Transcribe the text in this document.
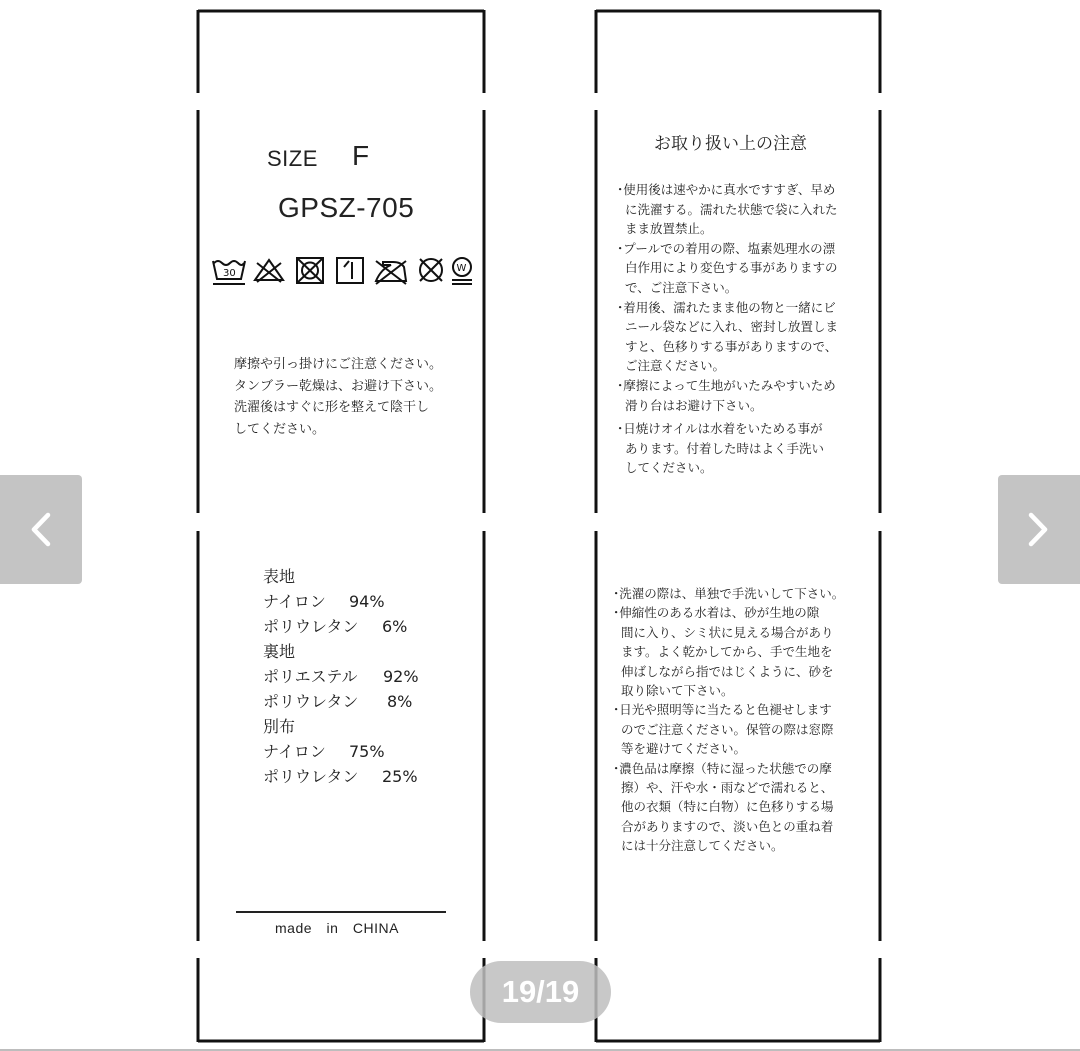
SIZE F
GPSZ-705
30	W
摩擦や引っ掛けにご注意ください。
タンブラー乾燥は、お避け下さい。
洗濯後はすぐに形を整えて陰干し
してください。
表地
ナイロン 94%
ポリウレタン 6%
裏地
ポリエステル 92%
ポリウレタン 8%
別布
ナイロン 75%
ポリウレタン 25%
made　in　CHINA
お取り扱い上の注意
･使用後は速やかに真水ですすぎ、早め
に洗濯する。濡れた状態で袋に入れた
まま放置禁止。
･プールでの着用の際、塩素処理水の漂
白作用により変色する事がありますの
で、ご注意下さい。
･着用後、濡れたまま他の物と一緒にビ
ニール袋などに入れ、密封し放置しま
すと、色移りする事がありますので、
ご注意ください。
･摩擦によって生地がいたみやすいため
滑り台はお避け下さい。
･日焼けオイルは水着をいためる事が
あります。付着した時はよく手洗い
してください。
･洗濯の際は、単独で手洗いして下さい。
･伸縮性のある水着は、砂が生地の隙
間に入り、シミ状に見える場合があり
ます。よく乾かしてから、手で生地を
伸ばしながら指ではじくように、砂を
取り除いて下さい。
･日光や照明等に当たると色褪せします
のでご注意ください。保管の際は窓際
等を避けてください。
･濃色品は摩擦（特に湿った状態での摩
擦）や、汗や水・雨などで濡れると、
他の衣類（特に白物）に色移りする場
合がありますので、淡い色との重ね着
には十分注意してください。
19/19
